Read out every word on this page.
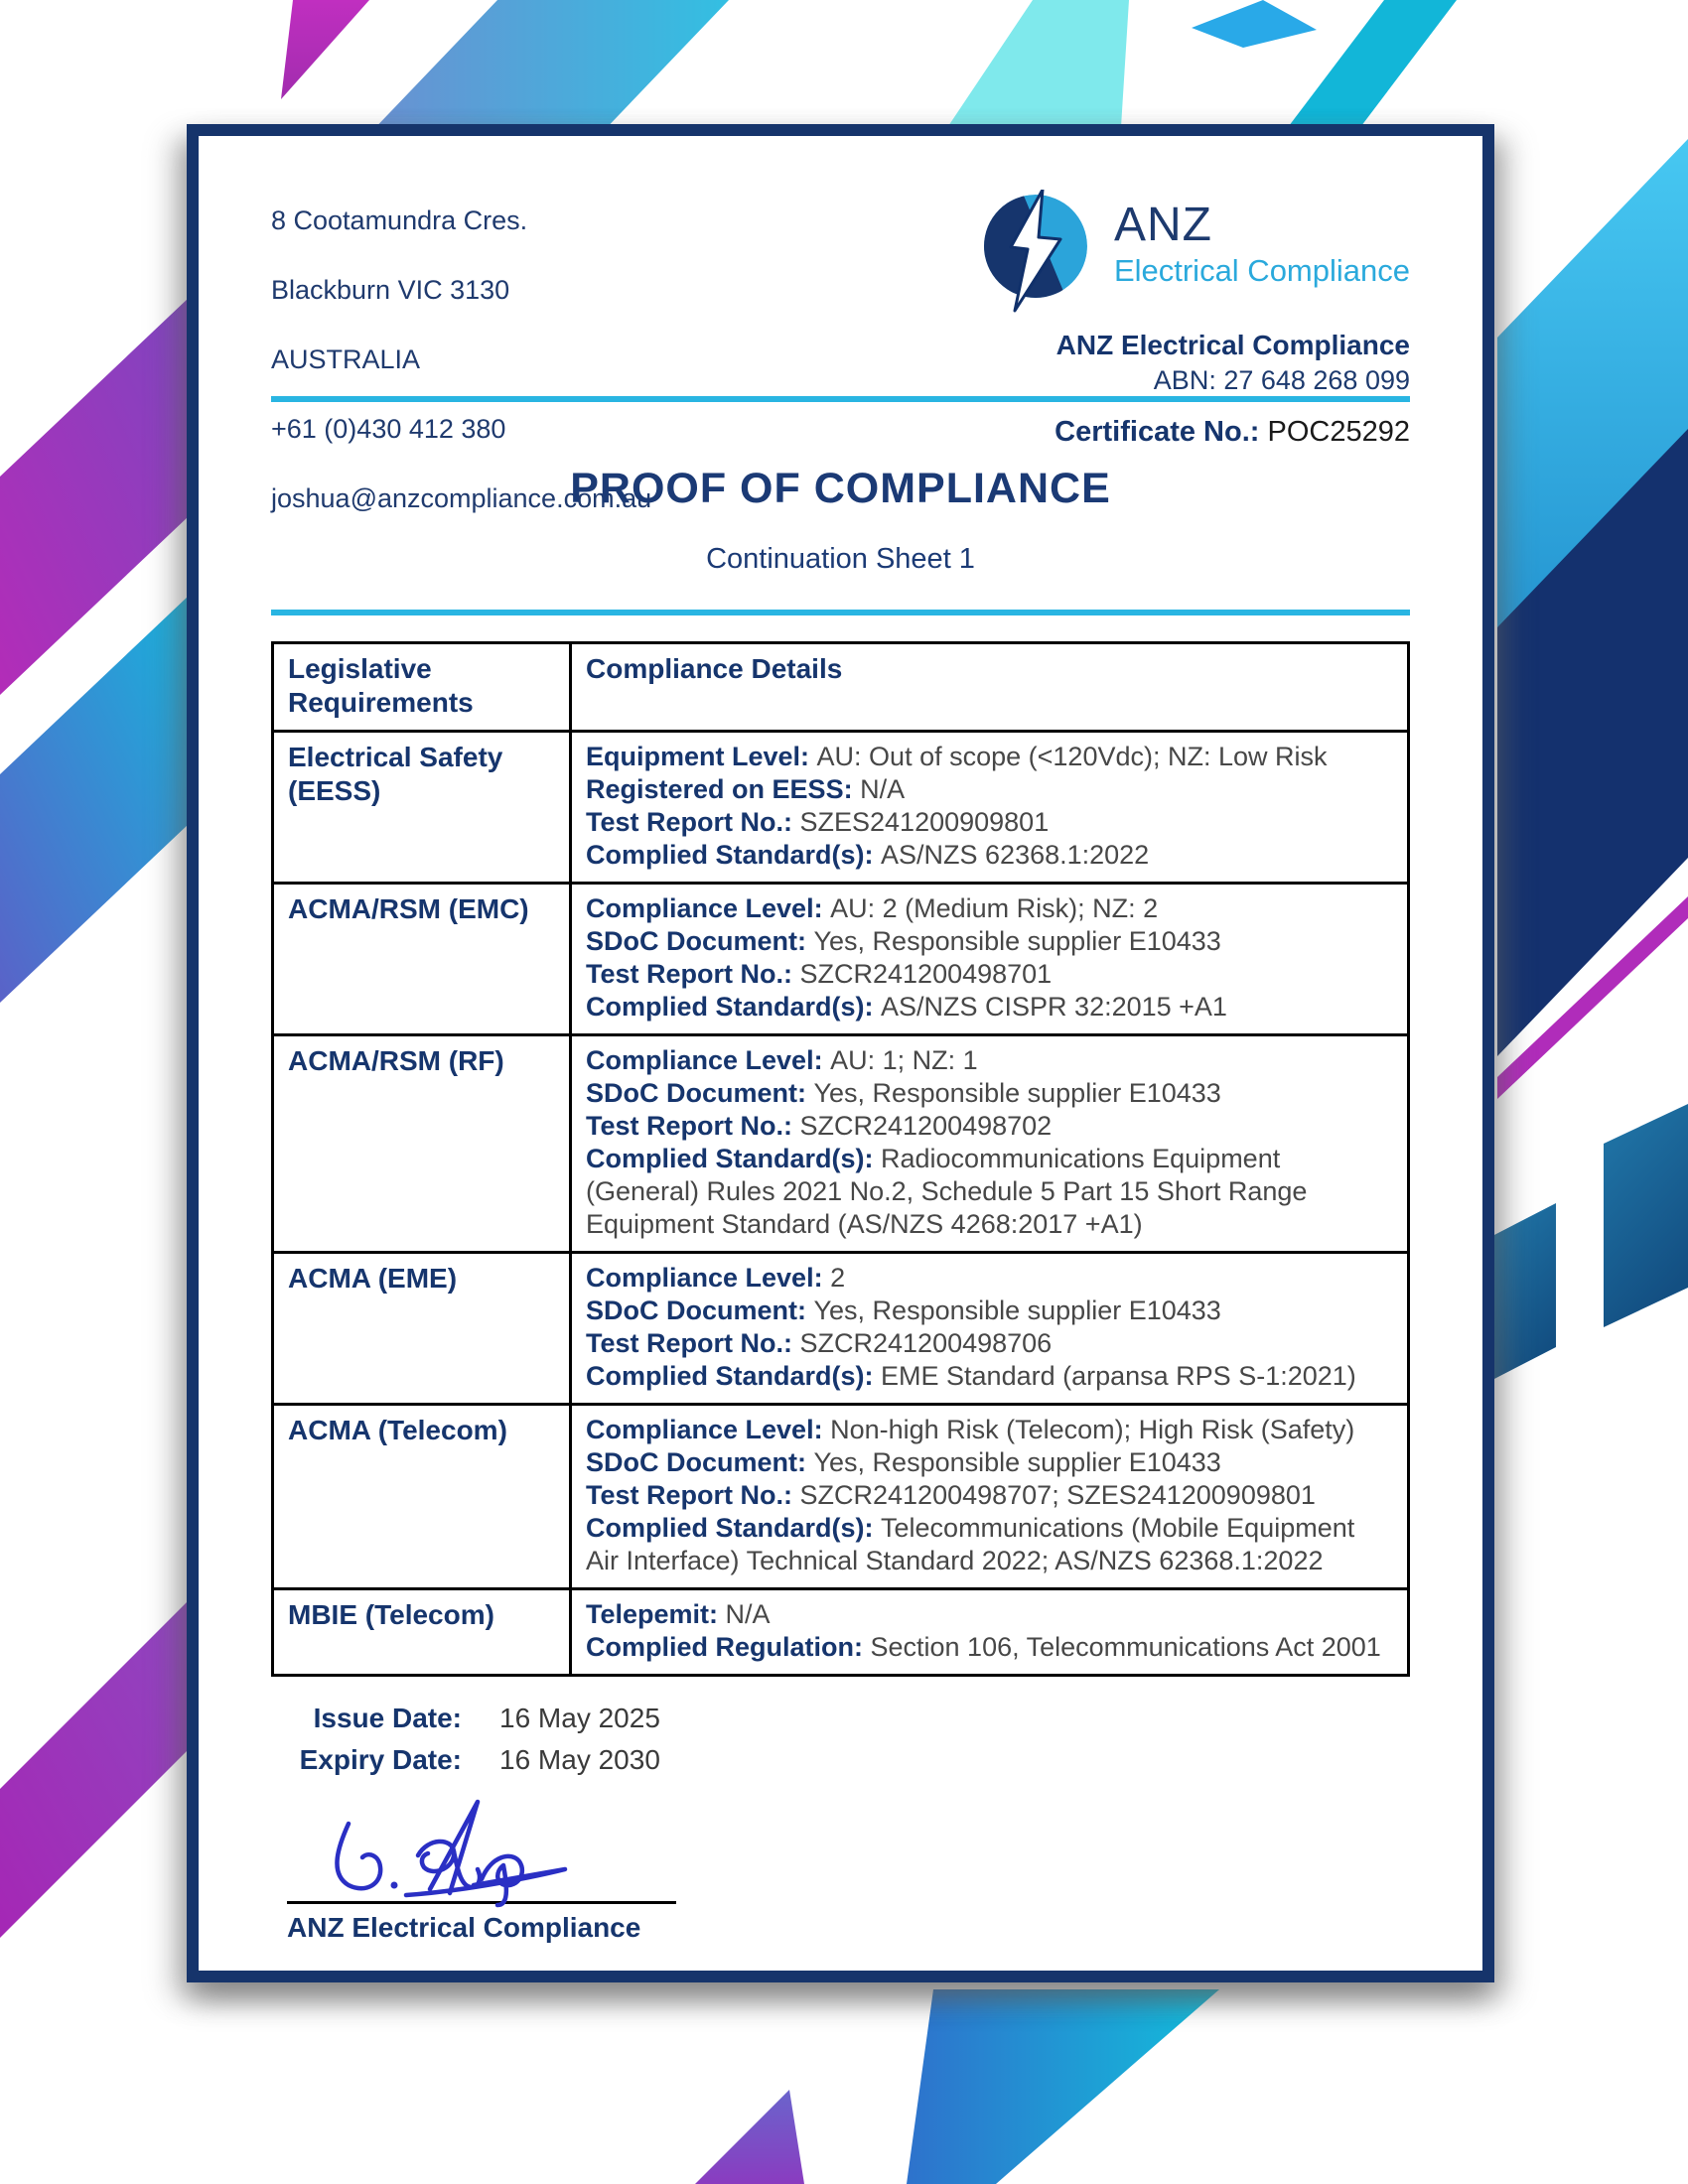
8 Cootamundra Cres.

Blackburn VIC 3130

AUSTRALIA

+61 (0)430 412 380

joshua@anzcompliance.com.au
ANZ
Electrical Compliance
ANZ Electrical Compliance
ABN: 27 648 268 099
Certificate No.: POC25292
PROOF OF COMPLIANCE
Continuation Sheet 1
Legislative Requirements	Compliance Details
Electrical Safety (EESS)	Equipment Level: AU: Out of scope (<120Vdc); NZ: Low Risk
Registered on EESS: N/A
Test Report No.: SZES241200909801
Complied Standard(s): AS/NZS 62368.1:2022

ACMA/RSM (EMC)	Compliance Level: AU: 2 (Medium Risk); NZ: 2
SDoC Document: Yes, Responsible supplier E10433
Test Report No.: SZCR241200498701
Complied Standard(s): AS/NZS CISPR 32:2015 +A1

ACMA/RSM (RF)	Compliance Level: AU: 1; NZ: 1
SDoC Document: Yes, Responsible supplier E10433
Test Report No.: SZCR241200498702
Complied Standard(s): Radiocommunications Equipment (General) Rules 2021 No.2, Schedule 5 Part 15 Short Range Equipment Standard (AS/NZS 4268:2017 +A1)

ACMA (EME)	Compliance Level: 2
SDoC Document: Yes, Responsible supplier E10433
Test Report No.: SZCR241200498706
Complied Standard(s): EME Standard (arpansa RPS S-1:2021)

ACMA (Telecom)	Compliance Level: Non-high Risk (Telecom); High Risk (Safety)
SDoC Document: Yes, Responsible supplier E10433
Test Report No.: SZCR241200498707; SZES241200909801
Complied Standard(s): Telecommunications (Mobile Equipment Air Interface) Technical Standard 2022; AS/NZS 62368.1:2022

MBIE (Telecom)	Telepemit: N/A
Complied Regulation: Section 106, Telecommunications Act 2001
Issue Date: 16 May 2025
Expiry Date: 16 May 2030
ANZ Electrical Compliance
